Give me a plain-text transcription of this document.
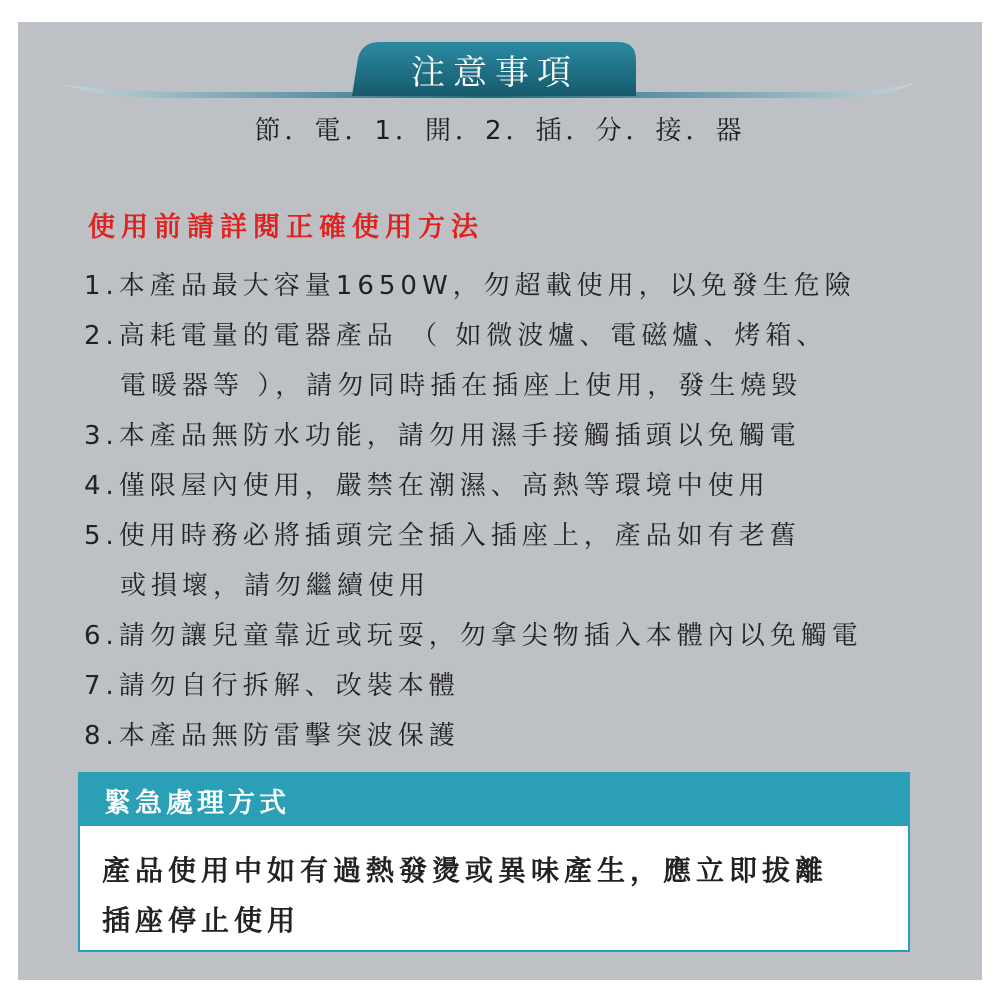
注意事項
節．電．1．開．2．插．分．接．器
使用前請詳閱正確使用方法
1.本產品最大容量1650W，勿超載使用，以免發生危險
2.高耗電量的電器產品 （ 如微波爐、電磁爐、烤箱、
電暖器等 ），請勿同時插在插座上使用，發生燒毀
3.本產品無防水功能，請勿用濕手接觸插頭以免觸電
4.僅限屋內使用，嚴禁在潮濕、高熱等環境中使用
5.使用時務必將插頭完全插入插座上，產品如有老舊
或損壞，請勿繼續使用
6.請勿讓兒童靠近或玩耍，勿拿尖物插入本體內以免觸電
7.請勿自行拆解、改裝本體
8.本產品無防雷擊突波保護
緊急處理方式
產品使用中如有過熱發燙或異味產生，應立即拔離
插座停止使用
